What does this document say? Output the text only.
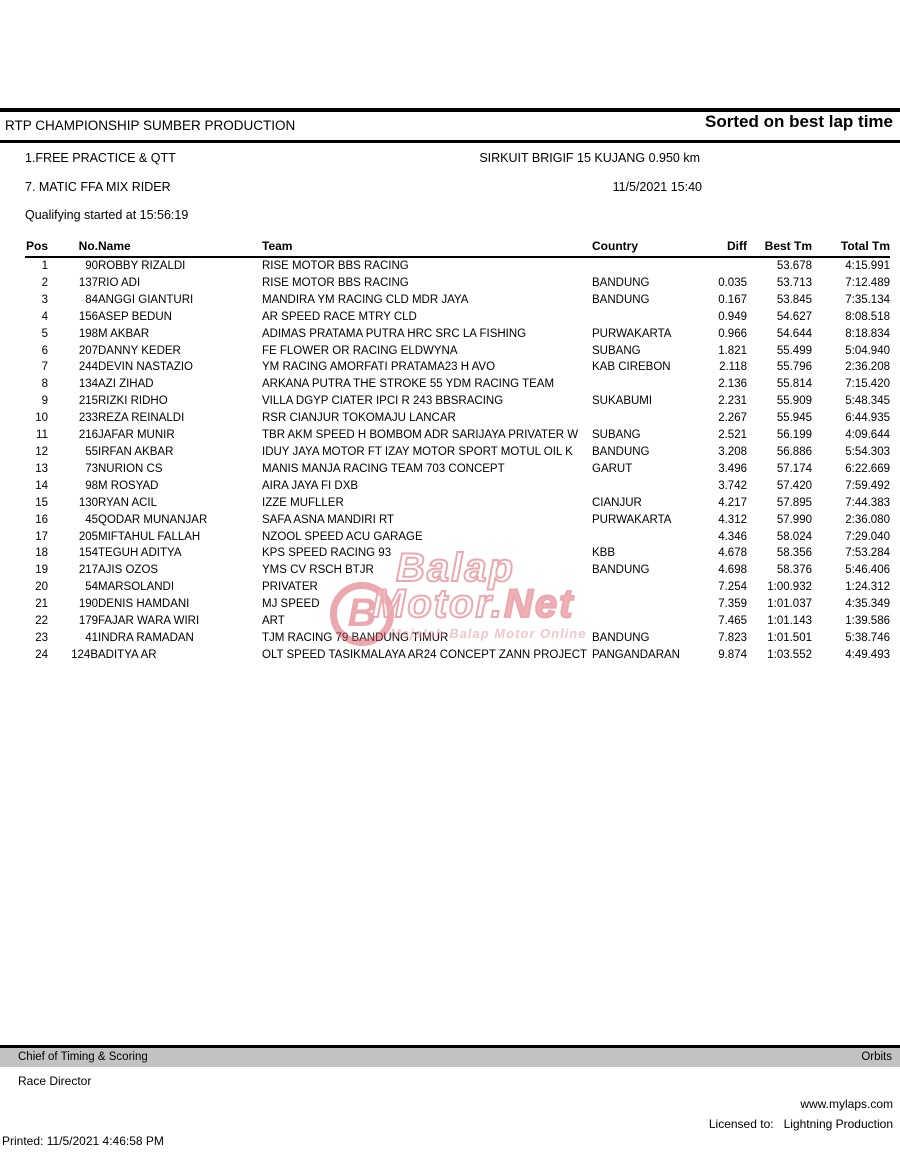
RTP CHAMPIONSHIP SUMBER PRODUCTION	Sorted on best lap time
1.FREE PRACTICE & QTT	SIRKUIT BRIGIF 15 KUJANG 0.950 km
7. MATIC FFA MIX RIDER	11/5/2021 15:40
Qualifying started at 15:56:19
Pos	No.	Name	Team	Country	Diff	Best Tm	Total Tm
1	90	ROBBY RIZALDI	RISE MOTOR BBS RACING			53.678	4:15.991
2	137	RIO ADI	RISE MOTOR BBS RACING	BANDUNG	0.035	53.713	7:12.489
3	84	ANGGI GIANTURI	MANDIRA YM RACING CLD MDR JAYA	BANDUNG	0.167	53.845	7:35.134
4	156	ASEP BEDUN	AR SPEED RACE MTRY CLD		0.949	54.627	8:08.518
5	198	M AKBAR	ADIMAS PRATAMA PUTRA HRC SRC LA FISHING	PURWAKARTA	0.966	54.644	8:18.834
6	207	DANNY KEDER	FE FLOWER OR RACING ELDWYNA	SUBANG	1.821	55.499	5:04.940
7	244	DEVIN NASTAZIO	YM RACING AMORFATI PRATAMA23 H AVO	KAB CIREBON	2.118	55.796	2:36.208
8	134	AZI ZIHAD	ARKANA PUTRA THE STROKE 55 YDM RACING TEAM		2.136	55.814	7:15.420
9	215	RIZKI RIDHO	VILLA DGYP CIATER IPCI R 243 BBSRACING	SUKABUMI	2.231	55.909	5:48.345
10	233	REZA REINALDI	RSR CIANJUR TOKOMAJU LANCAR		2.267	55.945	6:44.935
11	216	JAFAR MUNIR	TBR AKM SPEED H BOMBOM ADR SARIJAYA PRIVATER W	SUBANG	2.521	56.199	4:09.644
12	55	IRFAN AKBAR	IDUY JAYA MOTOR FT IZAY MOTOR SPORT MOTUL OIL K	BANDUNG	3.208	56.886	5:54.303
13	73	NURION CS	MANIS MANJA RACING TEAM 703 CONCEPT	GARUT	3.496	57.174	6:22.669
14	98	M ROSYAD	AIRA JAYA FI DXB		3.742	57.420	7:59.492
15	130	RYAN ACIL	IZZE MUFLLER	CIANJUR	4.217	57.895	7:44.383
16	45	QODAR MUNANJAR	SAFA ASNA MANDIRI RT	PURWAKARTA	4.312	57.990	2:36.080
17	205	MIFTAHUL FALLAH	NZOOL SPEED ACU GARAGE		4.346	58.024	7:29.040
18	154	TEGUH ADITYA	KPS SPEED RACING 93	KBB	4.678	58.356	7:53.284
19	217	AJIS OZOS	YMS CV RSCH BTJR	BANDUNG	4.698	58.376	5:46.406
20	54	MARSOLANDI	PRIVATER		7.254	1:00.932	1:24.312
21	190	DENIS HAMDANI	MJ SPEED		7.359	1:01.037	4:35.349
22	179	FAJAR WARA WIRI	ART		7.465	1:01.143	1:39.586
23	41	INDRA RAMADAN	TJM RACING 79 BANDUNG TIMUR	BANDUNG	7.823	1:01.501	5:38.746
24	124B	ADITYA AR	OLT SPEED TASIKMALAYA AR24 CONCEPT ZANN PROJECT	PANGANDARAN	9.874	1:03.552	4:49.493
B
Balap
Motor.Net
Majalah Balap Motor Online
Chief of Timing & Scoring	Orbits
Race Director
www.mylaps.com
Licensed to: Lightning Production
Printed: 11/5/2021 4:46:58 PM
